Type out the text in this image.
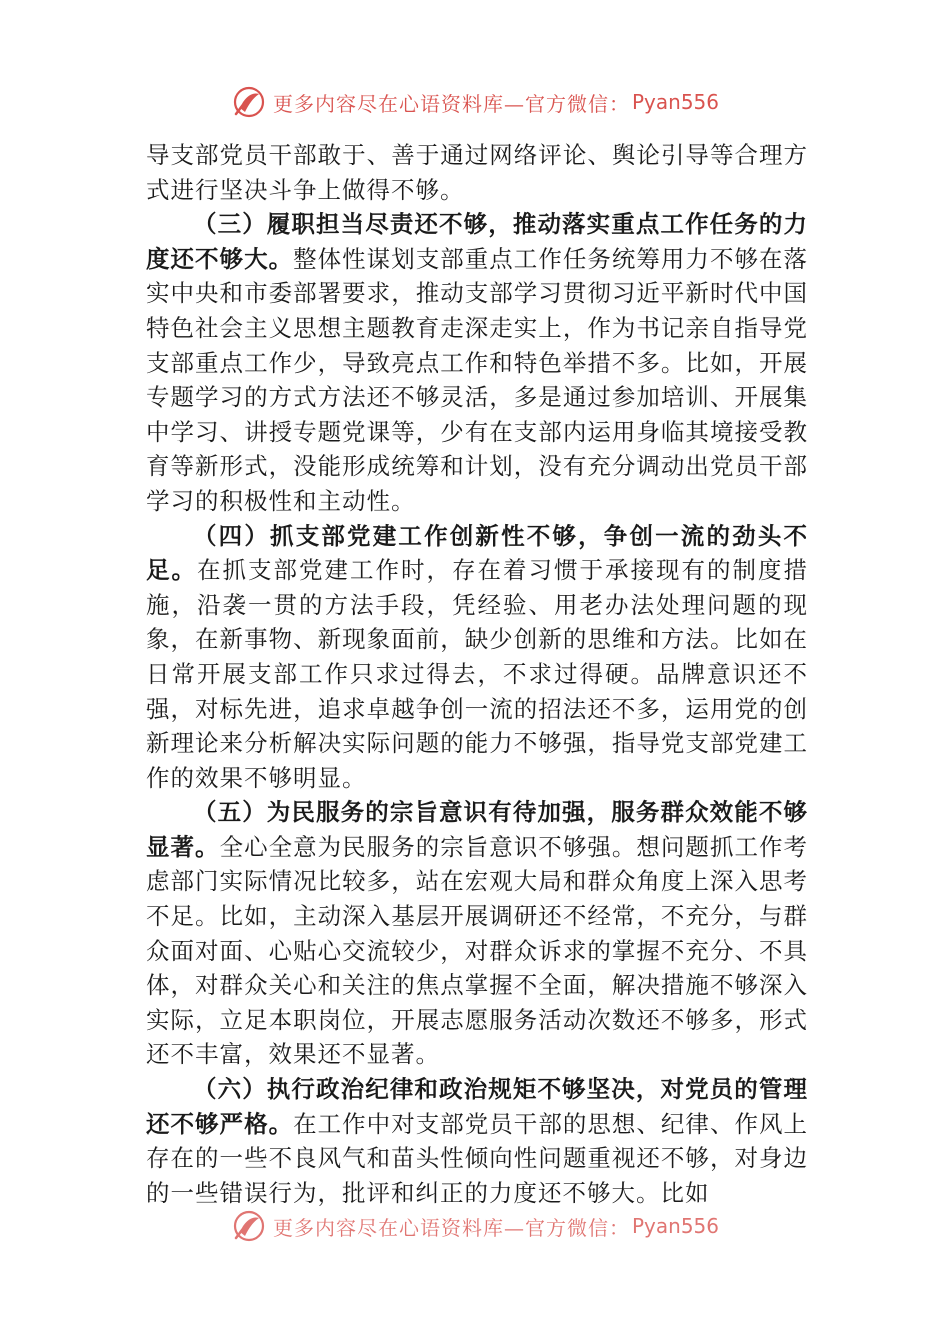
更多内容尽在心语资料库—官方微信： Pyan556

导支部党员干部敢于、善于通过网络评论、舆论引导等合理方式进行坚决斗争上做得不够。

（三）履职担当尽责还不够，推动落实重点工作任务的力度还不够大。整体性谋划支部重点工作任务统筹用力不够在落实中央和市委部署要求，推动支部学习贯彻习近平新时代中国特色社会主义思想主题教育走深走实上，作为书记亲自指导党支部重点工作少，导致亮点工作和特色举措不多。比如，开展专题学习的方式方法还不够灵活，多是通过参加培训、开展集中学习、讲授专题党课等，少有在支部内运用身临其境接受教育等新形式，没能形成统筹和计划，没有充分调动出党员干部学习的积极性和主动性。

（四）抓支部党建工作创新性不够，争创一流的劲头不足。在抓支部党建工作时，存在着习惯于承接现有的制度措施，沿袭一贯的方法手段，凭经验、用老办法处理问题的现象，在新事物、新现象面前，缺少创新的思维和方法。比如在日常开展支部工作只求过得去，不求过得硬。品牌意识还不强，对标先进，追求卓越争创一流的招法还不多，运用党的创新理论来分析解决实际问题的能力不够强，指导党支部党建工作的效果不够明显。

（五）为民服务的宗旨意识有待加强，服务群众效能不够显著。全心全意为民服务的宗旨意识不够强。想问题抓工作考虑部门实际情况比较多，站在宏观大局和群众角度上深入思考不足。比如，主动深入基层开展调研还不经常，不充分，与群众面对面、心贴心交流较少，对群众诉求的掌握不充分、不具体，对群众关心和关注的焦点掌握不全面，解决措施不够深入实际，立足本职岗位，开展志愿服务活动次数还不够多，形式还不丰富，效果还不显著。

（六）执行政治纪律和政治规矩不够坚决，对党员的管理还不够严格。在工作中对支部党员干部的思想、纪律、作风上存在的一些不良风气和苗头性倾向性问题重视还不够，对身边的一些错误行为，批评和纠正的力度还不够大。比如

更多内容尽在心语资料库—官方微信： Pyan556
